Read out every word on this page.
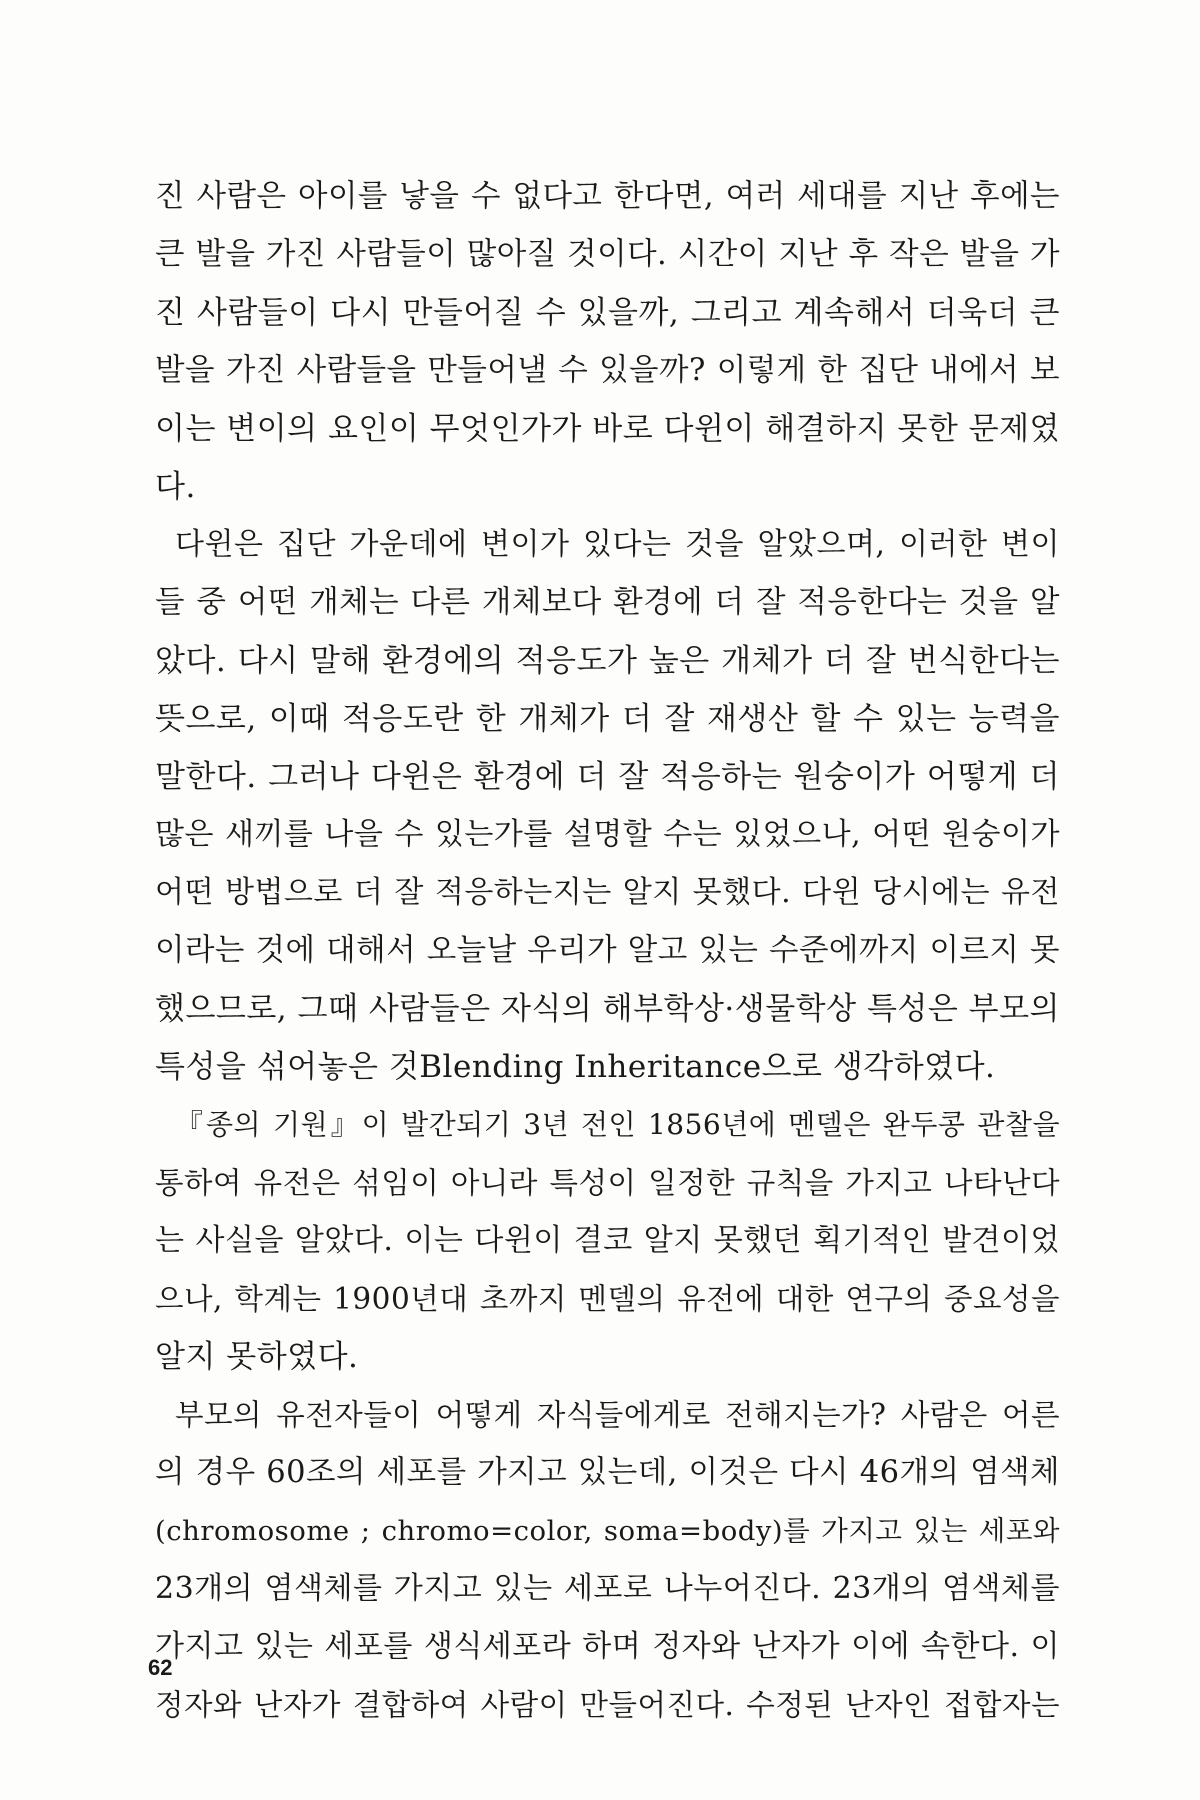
진 사람은 아이를 낳을 수 없다고 한다면, 여러 세대를 지난 후에는
큰 발을 가진 사람들이 많아질 것이다. 시간이 지난 후 작은 발을 가
진 사람들이 다시 만들어질 수 있을까, 그리고 계속해서 더욱더 큰
발을 가진 사람들을 만들어낼 수 있을까? 이렇게 한 집단 내에서 보
이는 변이의 요인이 무엇인가가 바로 다윈이 해결하지 못한 문제였
다.
다윈은 집단 가운데에 변이가 있다는 것을 알았으며, 이러한 변이
들 중 어떤 개체는 다른 개체보다 환경에 더 잘 적응한다는 것을 알
았다. 다시 말해 환경에의 적응도가 높은 개체가 더 잘 번식한다는
뜻으로, 이때 적응도란 한 개체가 더 잘 재생산 할 수 있는 능력을
말한다. 그러나 다윈은 환경에 더 잘 적응하는 원숭이가 어떻게 더
많은 새끼를 나을 수 있는가를 설명할 수는 있었으나, 어떤 원숭이가
어떤 방법으로 더 잘 적응하는지는 알지 못했다. 다윈 당시에는 유전
이라는 것에 대해서 오늘날 우리가 알고 있는 수준에까지 이르지 못
했으므로, 그때 사람들은 자식의 해부학상·생물학상 특성은 부모의
특성을 섞어놓은 것Blending Inheritance으로 생각하였다.
『종의 기원』이 발간되기 3년 전인 1856년에 멘델은 완두콩 관찰을
통하여 유전은 섞임이 아니라 특성이 일정한 규칙을 가지고 나타난다
는 사실을 알았다. 이는 다윈이 결코 알지 못했던 획기적인 발견이었
으나, 학계는 1900년대 초까지 멘델의 유전에 대한 연구의 중요성을
알지 못하였다.
부모의 유전자들이 어떻게 자식들에게로 전해지는가? 사람은 어른
의 경우 60조의 세포를 가지고 있는데, 이것은 다시 46개의 염색체
(chromosome ; chromo=color, soma=body)를 가지고 있는 세포와
23개의 염색체를 가지고 있는 세포로 나누어진다. 23개의 염색체를
가지고 있는 세포를 생식세포라 하며 정자와 난자가 이에 속한다. 이
정자와 난자가 결합하여 사람이 만들어진다. 수정된 난자인 접합자는
62
